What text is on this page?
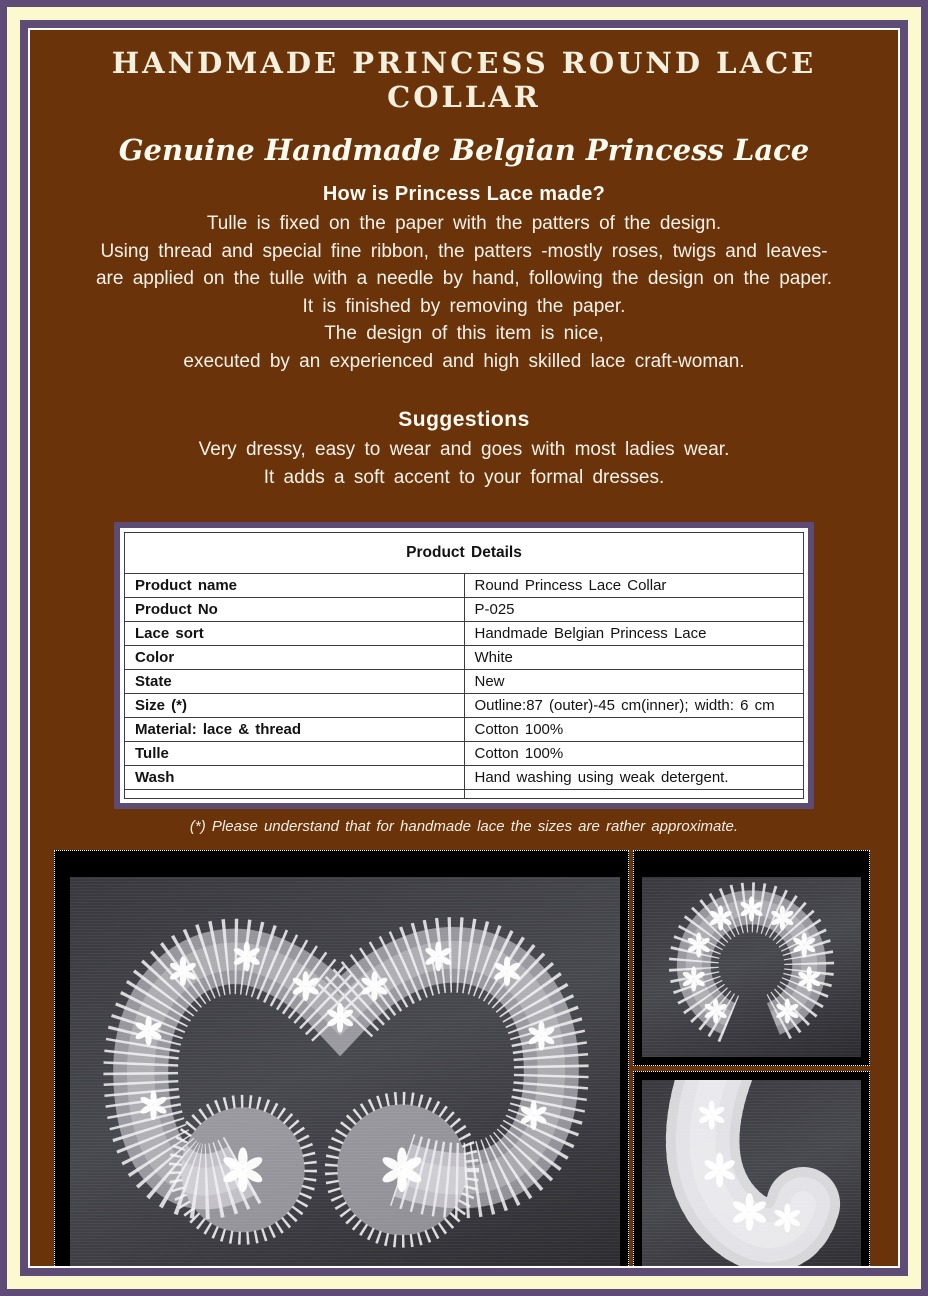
HANDMADE PRINCESS ROUND LACE COLLAR
Genuine Handmade Belgian Princess Lace
How is Princess Lace made?
Tulle is fixed on the paper with the patters of the design.
Using thread and special fine ribbon, the patters -mostly roses, twigs and leaves-
are applied on the tulle with a needle by hand, following the design on the paper.
It is finished by removing the paper.
The design of this item is nice,
executed by an experienced and high skilled lace craft-woman.
Suggestions
Very dressy, easy to wear and goes with most ladies wear.
It adds a soft accent to your formal dresses.
Product Details	
Product name	Round Princess Lace Collar
Product No	P-025
Lace sort	Handmade Belgian Princess Lace
Color	White
State	New
Size (*)	Outline:87 (outer)-45 cm(inner); width: 6 cm
Material: lace & thread	Cotton 100%
Tulle	Cotton 100%
Wash	Hand washing using weak detergent.

(*) Please understand that for handmade lace the sizes are rather approximate.
